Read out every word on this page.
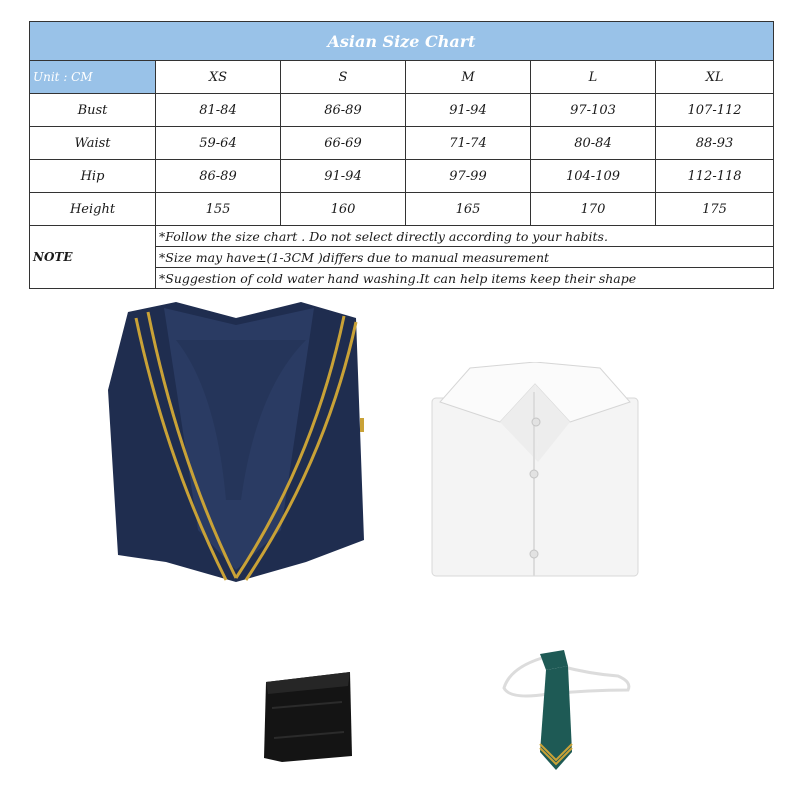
Asian Size Chart					
Unit : CM	XS	S	M	L	XL
Bust	81-84	86-89	91-94	97-103	107-112
Waist	59-64	66-69	71-74	80-84	88-93
Hip	86-89	91-94	97-99	104-109	112-118
Height	155	160	165	170	175
NOTE	*Follow the size chart . Do not select directly according to your habits.				
	*Size may have±(1-3CM )differs due to manual measurement				
	*Suggestion of cold water hand washing.It can help items keep their shape				
